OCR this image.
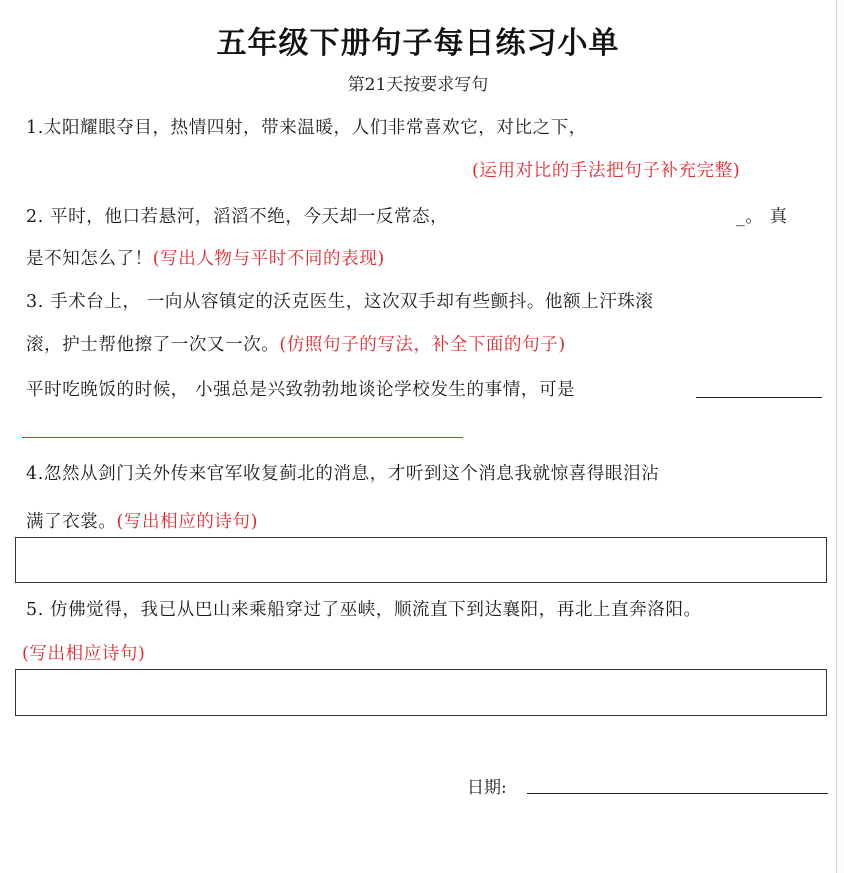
五年级下册句子每日练习小单
第21天按要求写句
1.太阳耀眼夺目，热情四射，带来温暖，人们非常喜欢它，对比之下，
(运用对比的手法把句子补充完整)
2. 平时，他口若悬河，滔滔不绝，今天却一反常态，	_。 真
是不知怎么了！(写出人物与平时不同的表现)
3. 手术台上， 一向从容镇定的沃克医生，这次双手却有些颤抖。他额上汗珠滚
滚，护士帮他擦了一次又一次。(仿照句子的写法，补全下面的句子)
平时吃晚饭的时候， 小强总是兴致勃勃地谈论学校发生的事情，可是
4.忽然从剑门关外传来官军收复蓟北的消息，才听到这个消息我就惊喜得眼泪沾
满了衣裳。(写出相应的诗句)
5. 仿佛觉得，我已从巴山来乘船穿过了巫峡，顺流直下到达襄阳，再北上直奔洛阳。
(写出相应诗句)
日期:
